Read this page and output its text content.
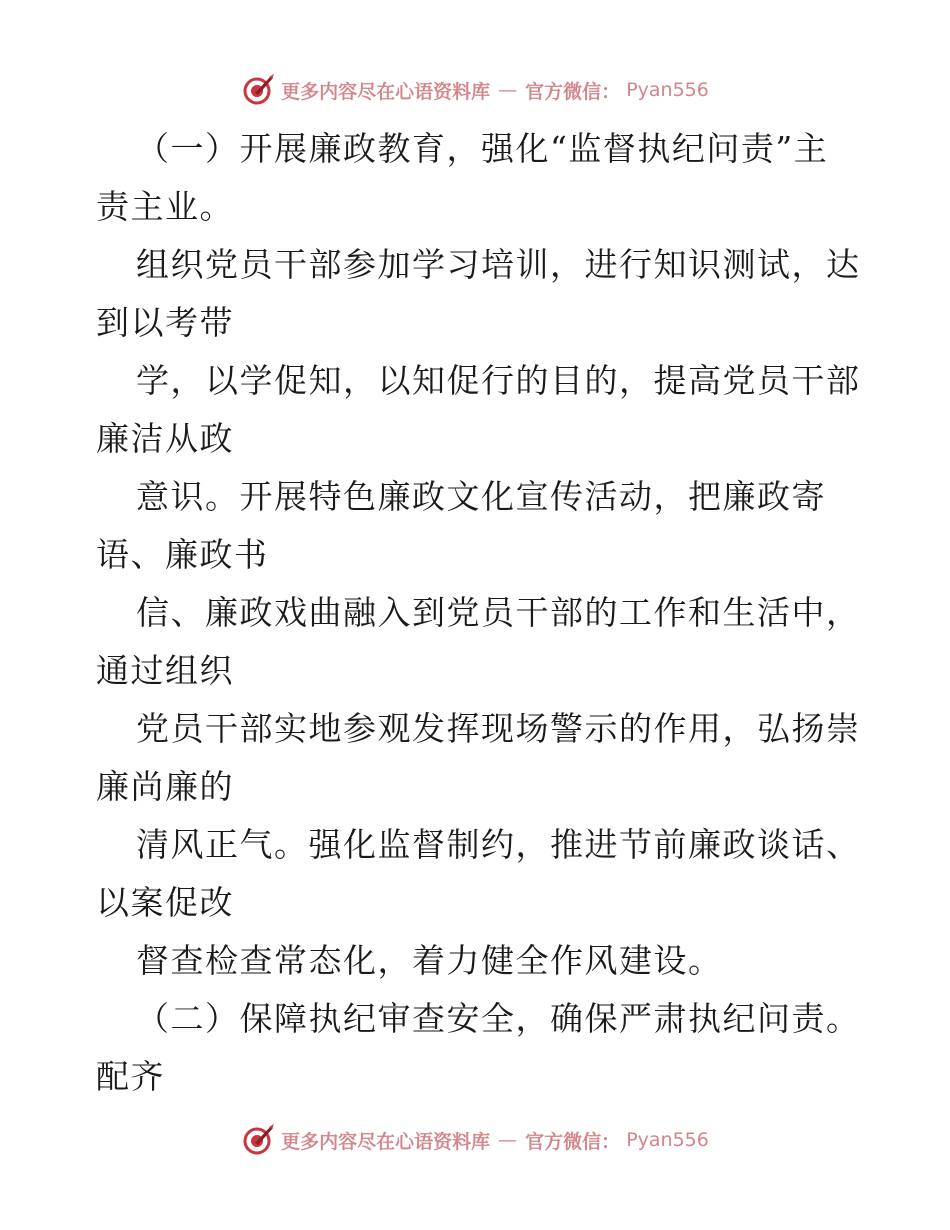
更多内容尽在心语资料库 — 官方微信： Pyan556
（一）开展廉政教育，强化“监督执纪问责”主
责主业。
组织党员干部参加学习培训，进行知识测试，达
到以考带
学，以学促知，以知促行的目的，提高党员干部
廉洁从政
意识。开展特色廉政文化宣传活动，把廉政寄
语、廉政书
信、廉政戏曲融入到党员干部的工作和生活中，
通过组织
党员干部实地参观发挥现场警示的作用，弘扬崇
廉尚廉的
清风正气。强化监督制约，推进节前廉政谈话、
以案促改
督查检查常态化，着力健全作风建设。
（二）保障执纪审查安全，确保严肃执纪问责。
配齐
更多内容尽在心语资料库 — 官方微信： Pyan556
